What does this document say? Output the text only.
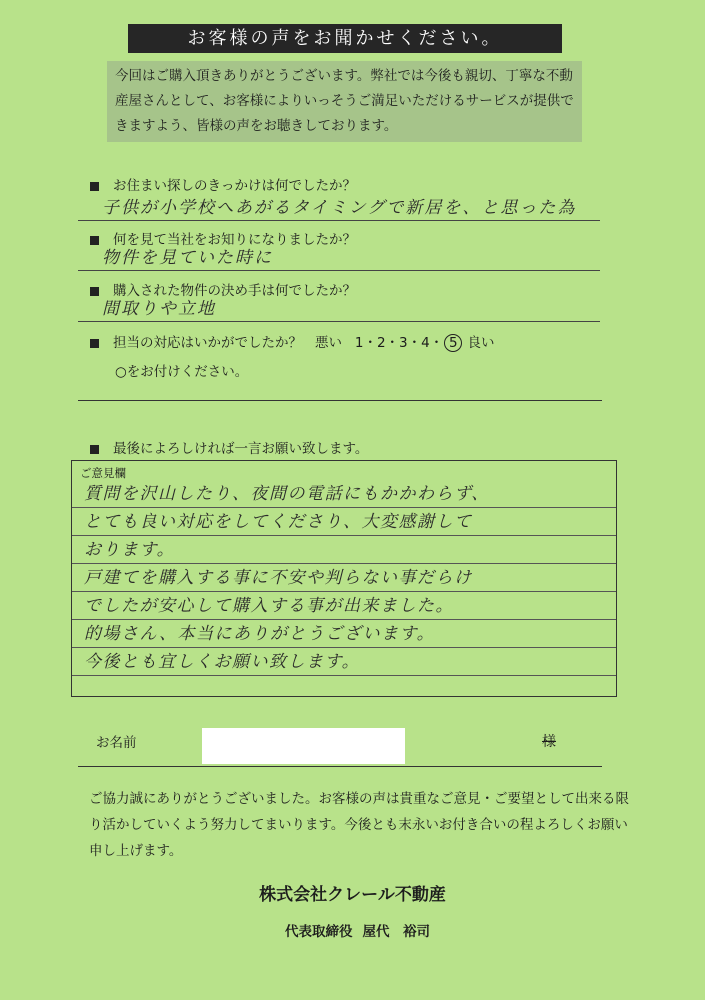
お客様の声をお聞かせください。
今回はご購入頂きありがとうございます。弊社では今後も親切、丁寧な不動産屋さんとして、お客様によりいっそうご満足いただけるサービスが提供できますよう、皆様の声をお聴きしております。
お住まい探しのきっかけは何でしたか？
子供が小学校へあがるタイミングで新居を、と思った為
何を見て当社をお知りになりましたか？
物件を見ていた時に
購入された物件の決め手は何でしたか？
間取りや立地
担当の対応はいかがでしたか？ 悪い 1・2・3・4・ 5 良い
○をお付けください。
最後によろしければ一言お願い致します。
ご意見欄
質問を沢山したり、夜間の電話にもかかわらず、
とても良い対応をしてくださり、大変感謝して
おります。
戸建てを購入する事に不安や判らない事だらけ
でしたが安心して購入する事が出来ました。
的場さん、本当にありがとうございます。
今後とも宜しくお願い致します。
お名前	様
ご協力誠にありがとうございました。お客様の声は貴重なご意見・ご要望として出来る限り活かしていくよう努力してまいります。今後とも末永いお付き合いの程よろしくお願い申し上げます。
株式会社クレール不動産
代表取締役 屋代　裕司
